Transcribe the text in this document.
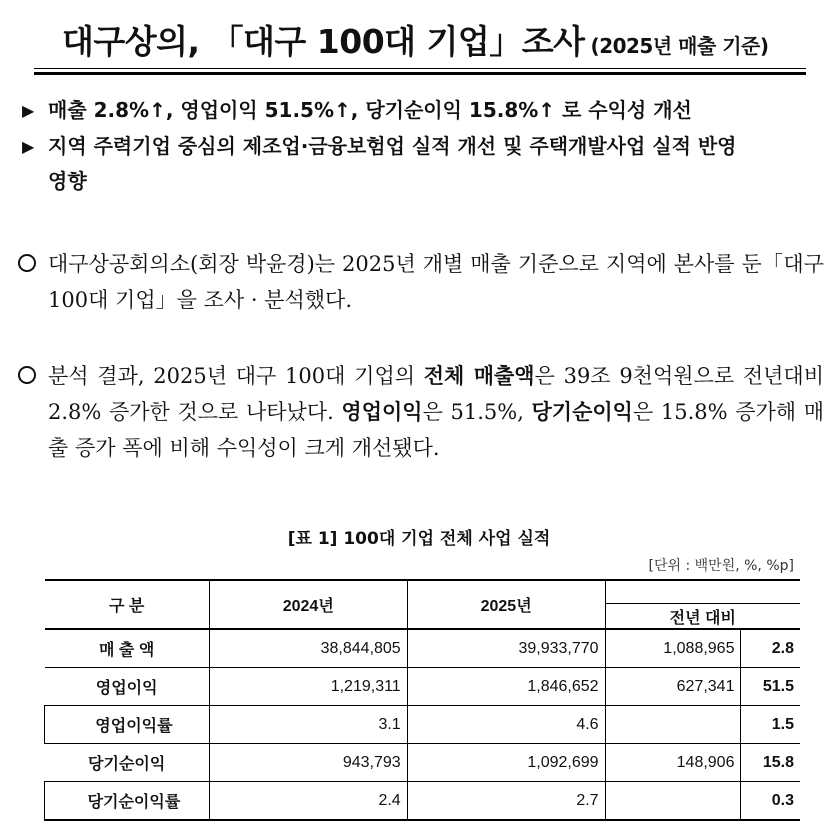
대구상의, 「대구 100대 기업」조사 (2025년 매출 기준)
▶ 매출 2.8%↑, 영업이익 51.5%↑, 당기순이익 15.8%↑ 로 수익성 개선
▶ 지역 주력기업 중심의 제조업·금융보험업 실적 개선 및 주택개발사업 실적 반영
영향
대구상공회의소(회장 박윤경)는 2025년 개별 매출 기준으로 지역에 본사를 둔「대구 100대 기업」을 조사 · 분석했다.
분석 결과, 2025년 대구 100대 기업의 전체 매출액은 39조 9천억원으로 전년대비 2.8% 증가한 것으로 나타났다. 영업이익은 51.5%, 당기순이익은 15.8% 증가해 매출 증가 폭에 비해 수익성이 크게 개선됐다.
[표 1] 100대 기업 전체 사업 실적
[단위 : 백만원, %, %p]
구 분	2024년	2025년		
			전년 대비	
매 출 액	38,844,805	39,933,770	1,088,965	2.8
영업이익	1,219,311	1,846,652	627,341	51.5
영업이익률	3.1	4.6		1.5
당기순이익	943,793	1,092,699	148,906	15.8
당기순이익률	2.4	2.7		0.3
